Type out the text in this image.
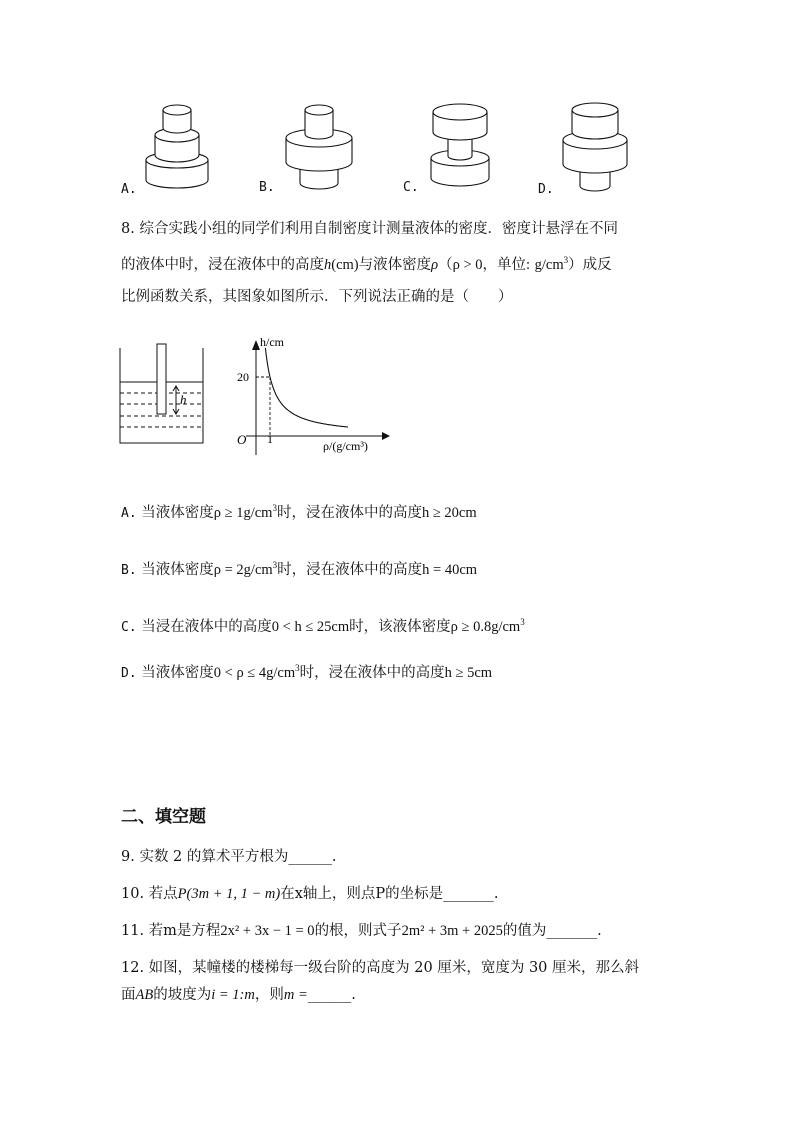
A.	B.	C.	D.
8. 综合实践小组的同学们利用自制密度计测量液体的密度．密度计悬浮在不同
的液体中时，浸在液体中的高度h(cm)与液体密度ρ（ρ > 0，单位: $g/cm^3$）成反
比例函数关系，其图象如图所示．下列说法正确的是（　　）
h
h/cm
ρ/(g/cm³)
O
20
1
A. 当液体密度$\rho \ge 1g/cm^3$时，浸在液体中的高度h ≥ 20cm
B. 当液体密度$\rho = 2g/cm^3$时，浸在液体中的高度h = 40cm
C. 当浸在液体中的高度0 < h ≤ 25cm时，该液体密度$\rho \ge 0.8g/cm^3$
D. 当液体密度$0 < \rho \le 4g/cm^3$时，浸在液体中的高度h ≥ 5cm
二、填空题
9. 实数 2 的算术平方根为______.
10. 若点P(3m + 1, 1 − m)在x轴上，则点P的坐标是_______.
11. 若m是方程2x² + 3x − 1 = 0的根，则式子2m² + 3m + 2025的值为_______.
12. 如图，某幢楼的楼梯每一级台阶的高度为 20 厘米，宽度为 30 厘米，那么斜
面AB的坡度为i = 1:m，则m =______.
